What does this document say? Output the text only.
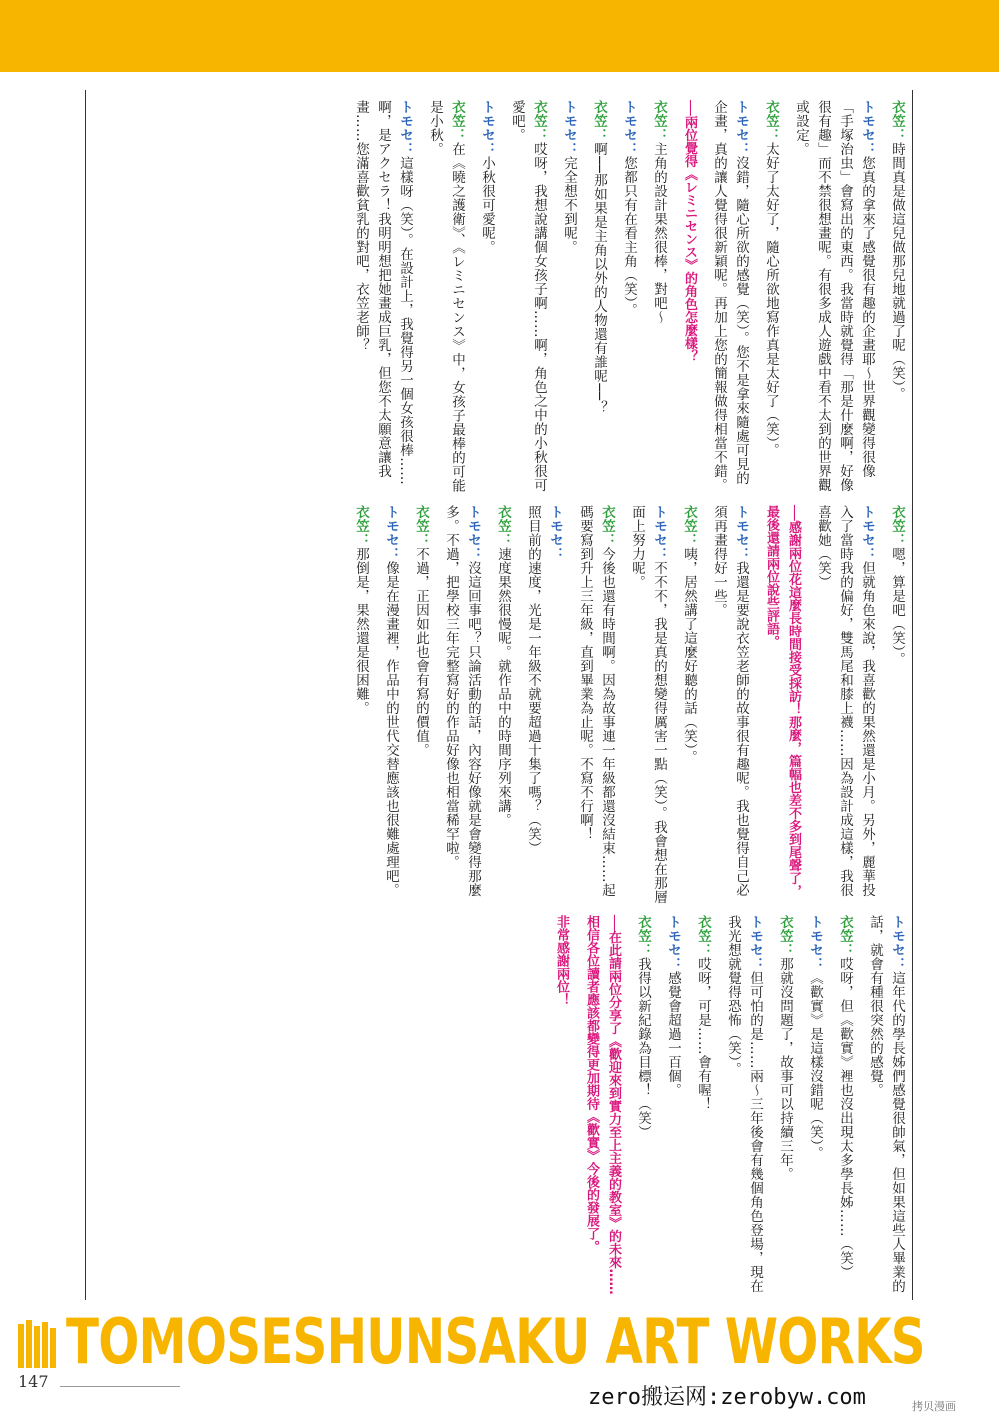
衣笠：時間真是做這兒做那兒地就過了呢（笑）。
トモセ：您真的拿來了感覺很有趣的企畫耶～世界觀變得很像「手塚治虫」會寫出的東西。我當時就覺得「那是什麼啊，好像很有趣」而不禁很想畫呢。有很多成人遊戲中看不太到的世界觀或設定。
衣笠：太好了太好了，隨心所欲地寫作真是太好了（笑）。
トモセ：沒錯，隨心所欲的感覺（笑）。您不是拿來隨處可見的企畫，真的讓人覺得很新穎呢。再加上您的簡報做得相當不錯。
──兩位覺得《レミニセンス》的角色怎麼樣？
衣笠：主角的設計果然很棒，對吧～
トモセ：您都只有在看主角（笑）。
衣笠：啊──那如果是主角以外的人物還有誰呢──？
トモセ：完全想不到呢。
衣笠：哎呀，我想說講個女孩子啊……啊，角色之中的小秋很可愛吧。
トモセ：小秋很可愛呢。
衣笠：在《曉之護衛》、《レミニセンス》中，女孩子最棒的可能是小秋。
トモセ：這樣呀（笑）。在設計上，我覺得另一個女孩很棒……啊，是アクセラ！我明明想把她畫成巨乳，但您不太願意讓我畫……您滿喜歡貧乳的對吧，衣笠老師？
衣笠：嗯，算是吧（笑）。
トモセ：但就角色來說，我喜歡的果然還是小月。另外，麗華投入了當時我的偏好，雙馬尾和膝上襪……因為設計成這樣，我很喜歡她（笑）
──感謝兩位花這麼長時間接受採訪！那麼，篇幅也差不多到尾聲了，最後還請兩位說些評語。
トモセ：我還是要說衣笠老師的故事很有趣呢。我也覺得自己必須再畫得好一些。
衣笠：咦，居然講了這麼好聽的話（笑）。
トモセ：不不不，我是真的想變得厲害一點（笑）。我會想在那層面上努力呢。
衣笠：今後也還有時間啊。因為故事連一年級都還沒結束……起碼要寫到升上三年級，直到畢業為止呢。不寫不行啊！
トモセ：照目前的速度，光是一年級不就要超過十集了嗎？（笑）
衣笠：速度果然很慢呢。就作品中的時間序列來講。
トモセ：沒這回事吧？只論活動的話，內容好像就是會變得那麼多。不過，把學校三年完整寫好的作品好像也相當稀罕啦。
衣笠：不過，正因如此也會有寫的價值。
トモセ：像是在漫畫裡，作品中的世代交替應該也很難處理吧。
衣笠：那倒是，果然還是很困難。
トモセ：這年代的學長姊們感覺很帥氣，但如果這些人畢業的話，就會有種很突然的感覺。
衣笠：哎呀，但《歡實》裡也沒出現太多學長姊……（笑）
トモセ：《歡實》是這樣沒錯呢（笑）。
衣笠：那就沒問題了，故事可以持續三年。
トモセ：但可怕的是……兩～三年後會有幾個角色登場，現在我光想就覺得恐怖（笑）。
衣笠：哎呀，可是……會有喔！
トモセ：感覺會超過一百個。
衣笠：我得以新紀錄為目標！（笑）
──在此請兩位分享了《歡迎來到實力至上主義的教室》的未來……相信各位讀者應該都變得更加期待《歡實》今後的發展了。
非常感謝兩位！
TOMOSESHUNSAKU ART WORKS
147
zero搬运网:zerobyw.com	拷贝漫画
